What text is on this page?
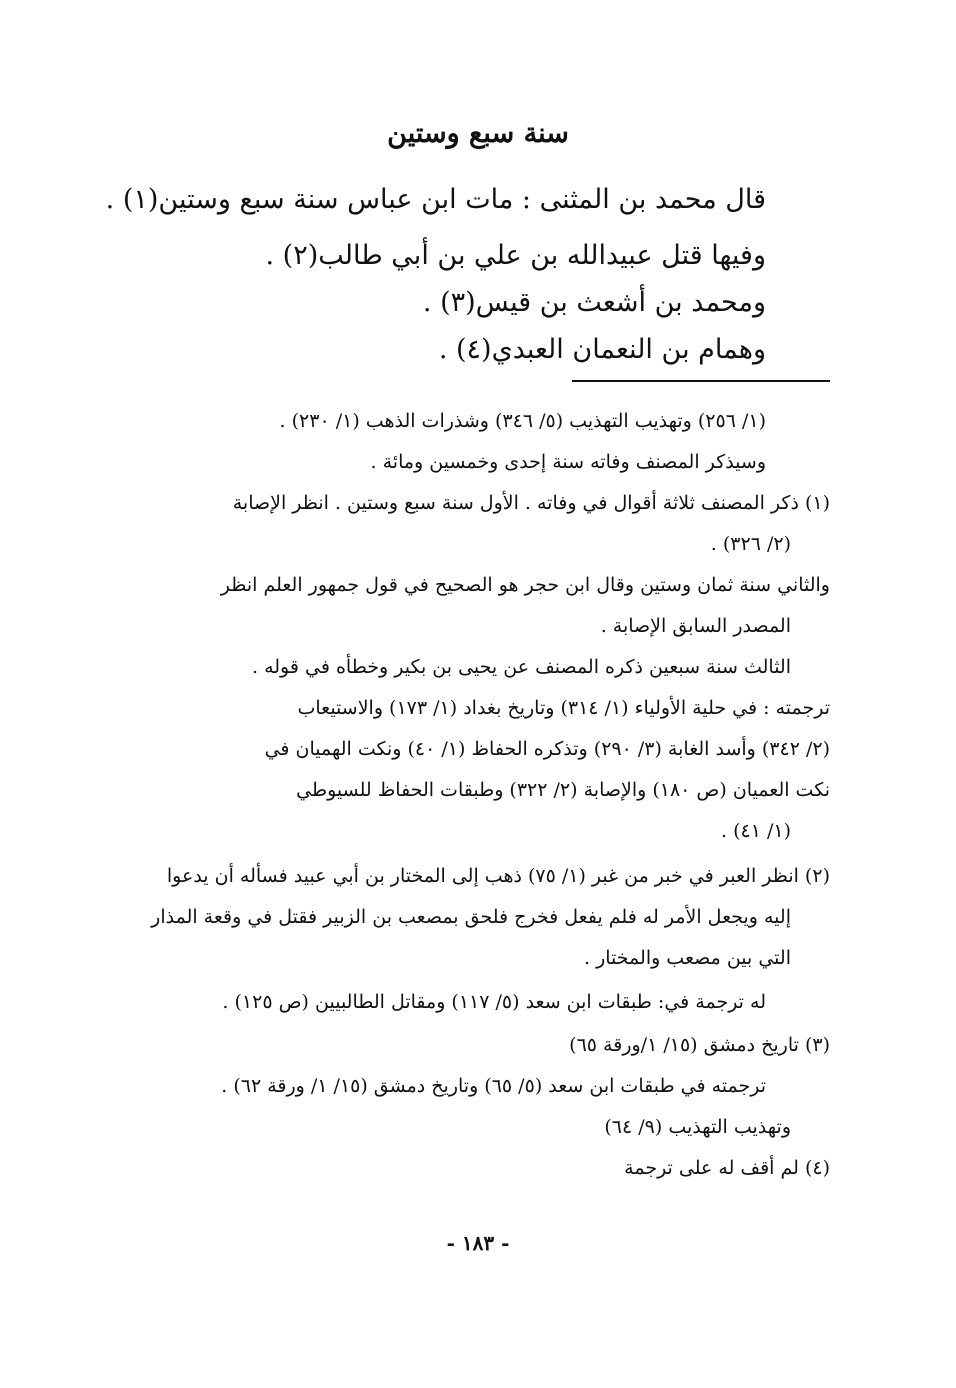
سنة سبع وستين
قال محمد بن المثنى : مات ابن عباس سنة سبع وستين(١) .
وفيها قتل عبيدالله بن علي بن أبي طالب(٢) .
ومحمد بن أشعث بن قيس(٣) .
وهمام بن النعمان العبدي(٤) .
(١/ ٢٥٦) وتهذيب التهذيب (٥/ ٣٤٦) وشذرات الذهب (١/ ٢٣٠) .
وسيذكر المصنف وفاته سنة إحدى وخمسين ومائة .
(١) ذكر المصنف ثلاثة أقوال في وفاته . الأول سنة سبع وستين . انظر الإصابة
(٢/ ٣٢٦) .
والثاني سنة ثمان وستين وقال ابن حجر هو الصحيح في قول جمهور العلم انظر
المصدر السابق الإصابة .
الثالث سنة سبعين ذكره المصنف عن يحيى بن بكير وخطأه في قوله .
ترجمته : في حلية الأولياء (١/ ٣١٤) وتاريخ بغداد (١/ ١٧٣) والاستيعاب
(٢/ ٣٤٢) وأسد الغابة (٣/ ٢٩٠) وتذكره الحفاظ (١/ ٤٠) ونكت الهميان في
نكت العميان (ص ١٨٠) والإصابة (٢/ ٣٢٢) وطبقات الحفاظ للسيوطي
(١/ ٤١) .
(٢) انظر العبر في خبر من غبر (١/ ٧٥) ذهب إلى المختار بن أبي عبيد فسأله أن يدعوا
إليه ويجعل الأمر له فلم يفعل فخرج فلحق بمصعب بن الزبير فقتل في وقعة المذار
التي بين مصعب والمختار .
له ترجمة في: طبقات ابن سعد (٥/ ١١٧) ومقاتل الطالبيين (ص ١٢٥) .
(٣) تاريخ دمشق (١٥/ ١/ورقة ٦٥)
ترجمته في طبقات ابن سعد (٥/ ٦٥) وتاريخ دمشق (١٥/ ١/ ورقة ٦٢) .
وتهذيب التهذيب (٩/ ٦٤)
(٤) لم أقف له على ترجمة
- ١٨٣ -
